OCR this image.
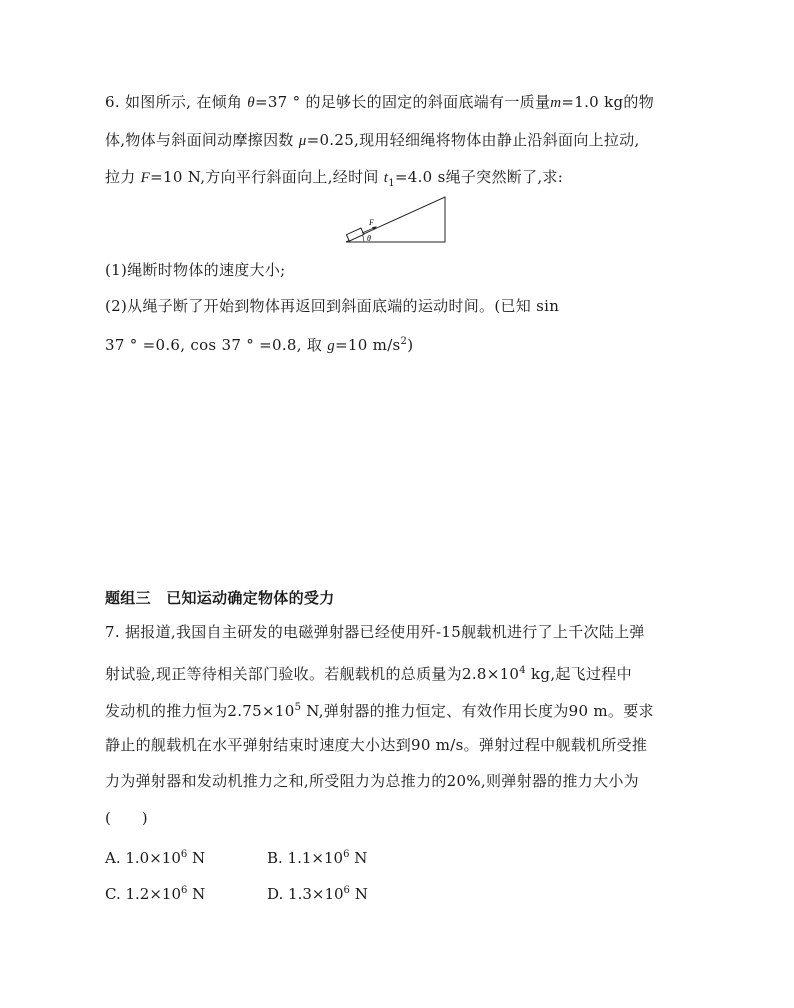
6. 如图所示, 在倾角 θ=37 ° 的足够长的固定的斜面底端有一质量m=1.0 kg的物
体,物体与斜面间动摩擦因数 μ=0.25,现用轻细绳将物体由静止沿斜面向上拉动,
拉力 F=10 N,方向平行斜面向上,经时间 $t_1=4.0$ s绳子突然断了,求:
F
θ
(1)绳断时物体的速度大小;
(2)从绳子断了开始到物体再返回到斜面底端的运动时间。(已知 sin
37 ° =0.6, cos 37 ° =0.8, 取 g=10 $m/s^2$)
题组三　已知运动确定物体的受力
7. 据报道,我国自主研发的电磁弹射器已经使用歼-15舰载机进行了上千次陆上弹
射试验,现正等待相关部门验收。若舰载机的总质量为$2.8\times 10^4$ kg,起飞过程中
发动机的推力恒为$2.75\times 10^5$ N,弹射器的推力恒定、有效作用长度为90 m。要求
静止的舰载机在水平弹射结束时速度大小达到90 m/s。弹射过程中舰载机所受推
力为弹射器和发动机推力之和,所受阻力为总推力的20%,则弹射器的推力大小为
(　　)
A. $1.0\times 10^6$ N	B. $1.1\times 10^6$ N
C. $1.2\times 10^6$ N	D. $1.3\times 10^6$ N
